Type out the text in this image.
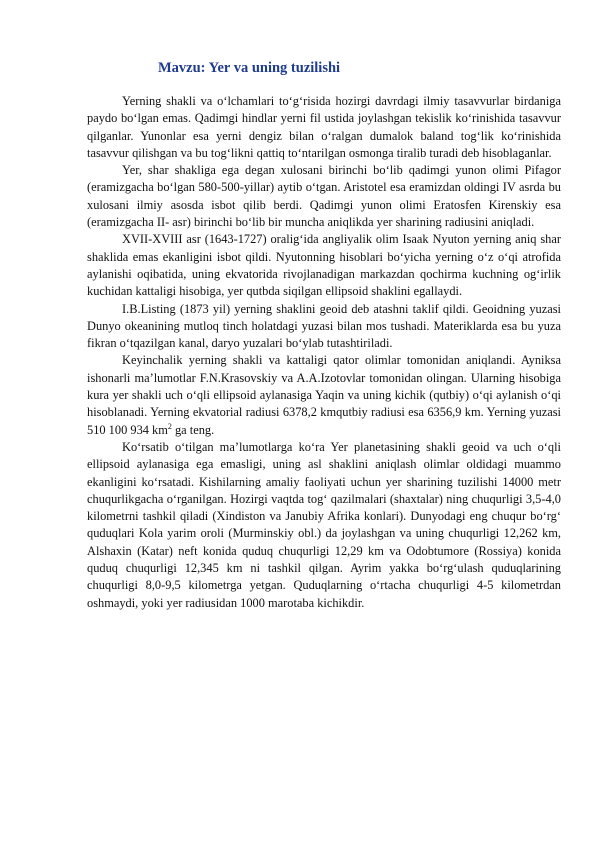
Mavzu: Yer va uning tuzilishi

Yerning shakli va o‘lchamlari to‘g‘risida hozirgi davrdagi ilmiy tasavvurlar birdaniga paydo bo‘lgan emas. Qadimgi hindlar yerni fil ustida joylashgan tekislik ko‘rinishida tasavvur qilganlar. Yunonlar esa yerni dengiz bilan o‘ralgan dumalok baland tog‘lik ko‘rinishida tasavvur qilishgan va bu tog‘likni qattiq to‘ntarilgan osmonga tiralib turadi deb hisoblaganlar.

Yer, shar shakliga ega degan xulosani birinchi bo‘lib qadimgi yunon olimi Pifagor (eramizgacha bo‘lgan 580-500-yillar) aytib o‘tgan. Aristotel esa eramizdan oldingi IV asrda bu xulosani ilmiy asosda isbot qilib berdi. Qadimgi yunon olimi Eratosfen Kirenskiy esa (eramizgacha II- asr) birinchi bo‘lib bir muncha aniqlikda yer sharining radiusini aniqladi.

XVII-XVIII asr (1643-1727) oralig‘ida angliyalik olim Isaak Nyuton yerning aniq shar shaklida emas ekanligini isbot qildi. Nyutonning hisoblari bo‘yicha yerning o‘z o‘qi atrofida aylanishi oqibatida, uning ekvatorida rivojlanadigan markazdan qochirma kuchning og‘irlik kuchidan kattaligi hisobiga, yer qutbda siqilgan ellipsoid shaklini egallaydi.

I.B.Listing (1873 yil) yerning shaklini geoid deb atashni taklif qildi. Geoidning yuzasi Dunyo okeanining mutloq tinch holatdagi yuzasi bilan mos tushadi. Materiklarda esa bu yuza fikran o‘tqazilgan kanal, daryo yuzalari bo‘ylab tutashtiriladi.

Keyinchalik yerning shakli va kattaligi qator olimlar tomonidan aniqlandi. Ayniksa ishonarli ma’lumotlar F.N.Krasovskiy va A.A.Izotovlar tomonidan olingan. Ularning hisobiga kura yer shakli uch o‘qli ellipsoid aylanasiga Yaqin va uning kichik (qutbiy) o‘qi aylanish o‘qi hisoblanadi. Yerning ekvatorial radiusi 6378,2 kmqutbiy radiusi esa 6356,9 km. Yerning yuzasi 510 100 934 $km^2$ ga teng.

Ko‘rsatib o‘tilgan ma’lumotlarga ko‘ra Yer planetasining shakli geoid va uch o‘qli ellipsoid aylanasiga ega emasligi, uning asl shaklini aniqlash olimlar oldidagi muammo ekanligini ko‘rsatadi. Kishilarning amaliy faoliyati uchun yer sharining tuzilishi 14000 metr chuqurlikgacha o‘rganilgan. Hozirgi vaqtda tog‘ qazilmalari (shaxtalar) ning chuqurligi 3,5-4,0 kilometrni tashkil qiladi (Xindiston va Janubiy Afrika konlari). Dunyodagi eng chuqur bo‘rg‘ quduqlari Kola yarim oroli (Murminskiy obl.) da joylashgan va uning chuqurligi 12,262 km, Alshaxin (Katar) neft konida quduq chuqurligi 12,29 km va Odobtumore (Rossiya) konida quduq chuqurligi 12,345 km ni tashkil qilgan. Ayrim yakka bo‘rg‘ulash quduqlarining chuqurligi 8,0-9,5 kilometrga yetgan. Quduqlarning o‘rtacha chuqurligi 4-5 kilometrdan oshmaydi, yoki yer radiusidan 1000 marotaba kichikdir.
